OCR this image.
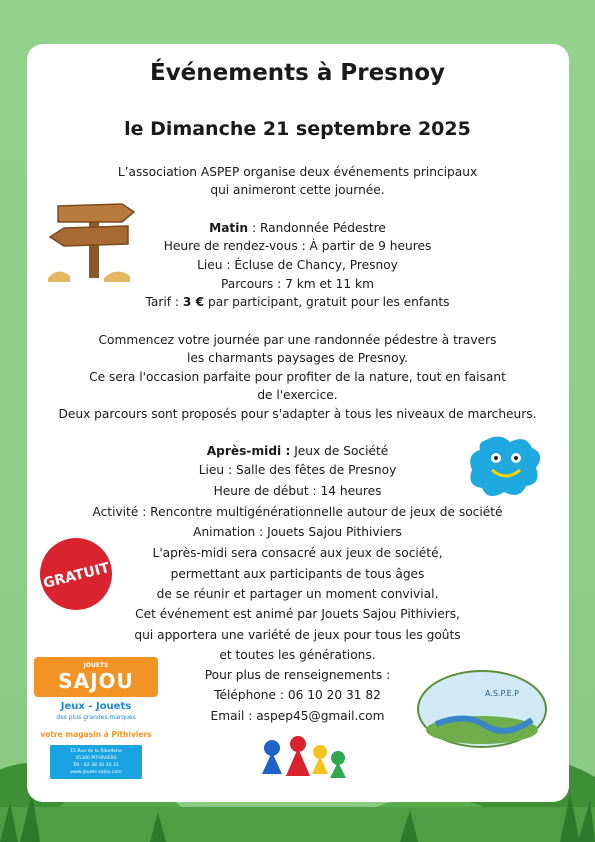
Événements à Presnoy
le Dimanche 21 septembre 2025
L’association ASPEP organise deux événements principaux
qui animeront cette journée.
Matin : Randonnée Pédestre
Heure de rendez-vous : À partir de 9 heures
Lieu : Écluse de Chancy, Presnoy
Parcours : 7 km et 11 km
Tarif : 3 € par participant, gratuit pour les enfants
Commencez votre journée par une randonnée pédestre à travers
les charmants paysages de Presnoy.
Ce sera l'occasion parfaite pour profiter de la nature, tout en faisant
de l'exercice.
Deux parcours sont proposés pour s'adapter à tous les niveaux de marcheurs.
Après-midi : Jeux de Société
Lieu : Salle des fêtes de Presnoy
Heure de début : 14 heures
Activité : Rencontre multigénérationnelle autour de jeux de société
Animation : Jouets Sajou Pithiviers
L'après-midi sera consacré aux jeux de société,
permettant aux participants de tous âges
de se réunir et partager un moment convivial.
Cet événement est animé par Jouets Sajou Pithiviers,
qui apportera une variété de jeux pour tous les goûts
et toutes les générations.
Pour plus de renseignements :
Téléphone : 06 10 20 31 82
Email : aspep45@gmail.com
GRATUIT
JOUETS
SAJOU
Jeux - Jouets
des plus grandes marques
votre magasin à Pithiviers
15 Rue de la Ribellerie
45300 PITHIVIERS
Tél : 02 38 30 30 31
www.jouets-sajou.com
A.S.P.E.P
